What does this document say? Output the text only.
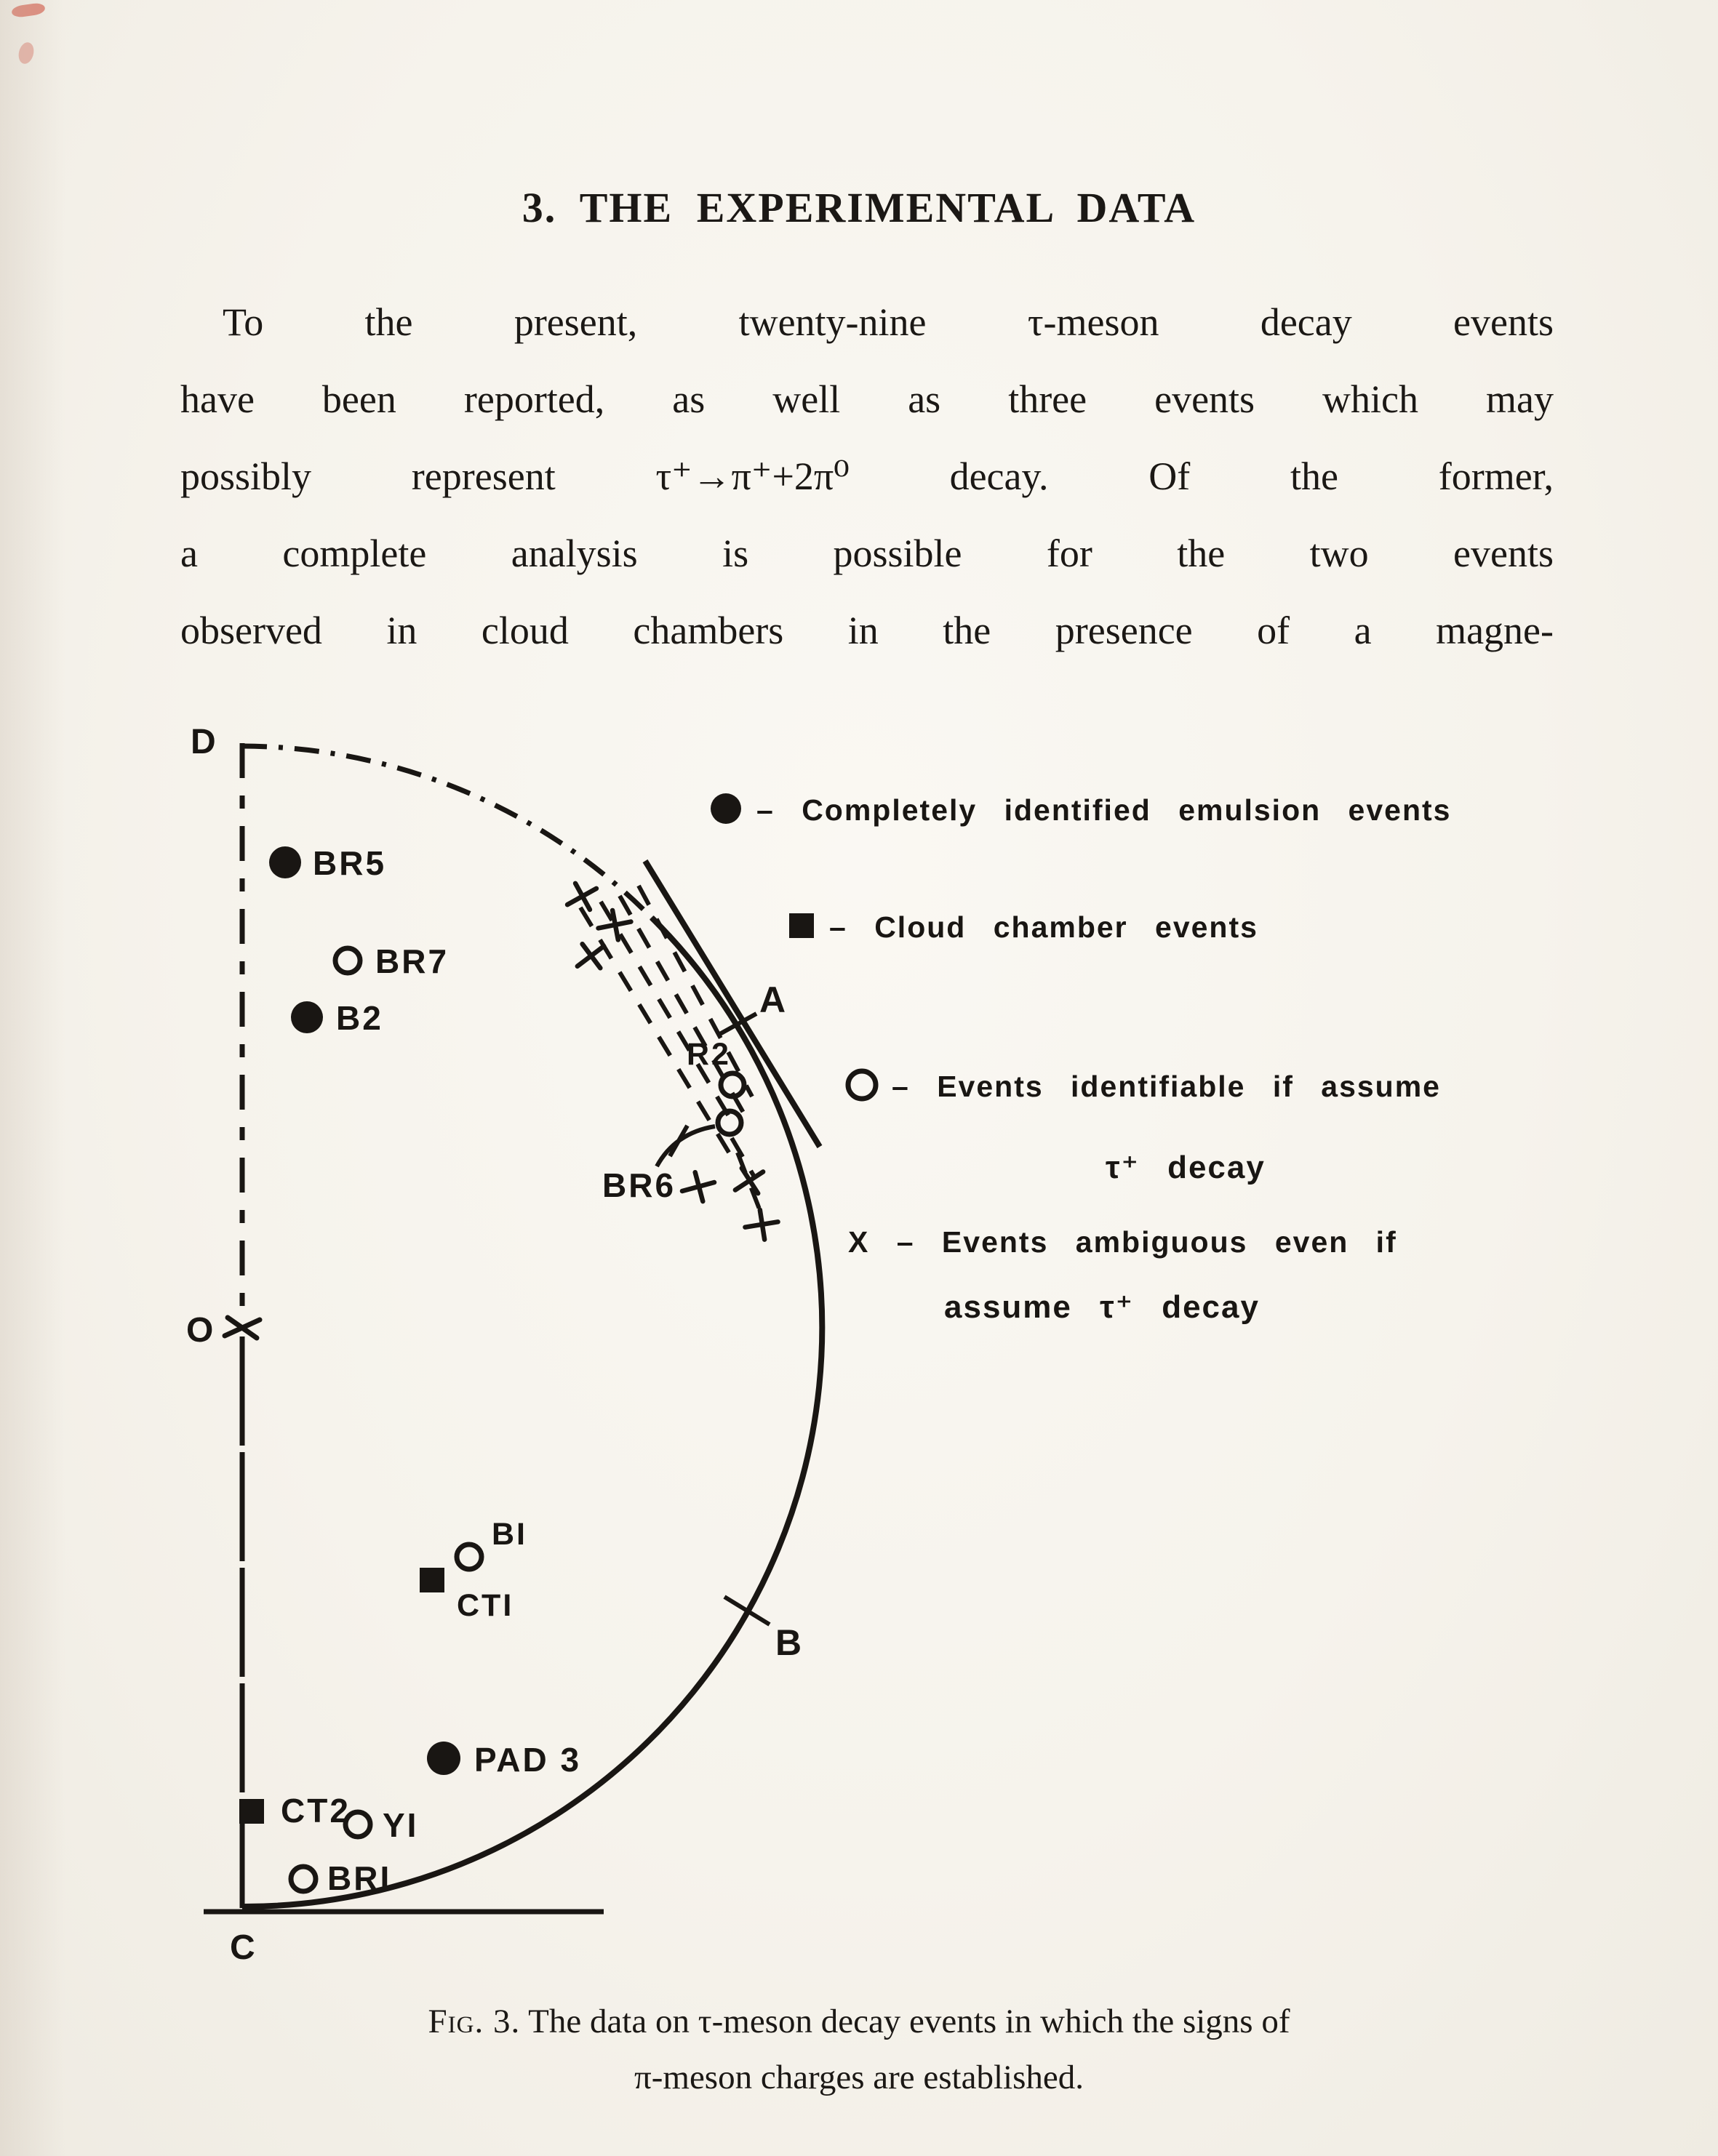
3. THE EXPERIMENTAL DATA
To the present, twenty-nine τ-meson decay events
have been reported, as well as three events which may
possibly represent τ⁺→π⁺+2π⁰ decay. Of the former,
a complete analysis is possible for the two events
observed in cloud chambers in the presence of a magne-
BR5
BR7
B2
R2
BR6
BI
CTI
PAD 3
CT2 YI
BRI
D
O
C
A
B
– Completely identified emulsion events
– Cloud chamber events
– Events identifiable if assume
τ⁺ decay
X – Events ambiguous even if
assume τ⁺ decay
Fig. 3. The data on τ-meson decay events in which the signs of
π-meson charges are established.
